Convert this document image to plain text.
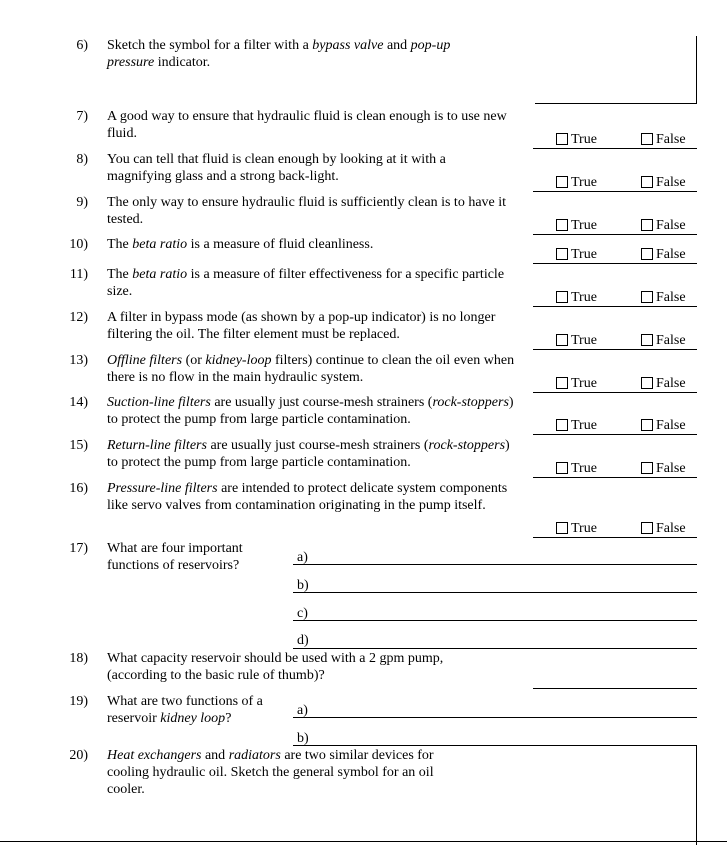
6) Sketch the symbol for a filter with a bypass valve and pop-up
pressure indicator.
7) A good way to ensure that hydraulic fluid is clean enough is to use new fluid.	True	False
8) You can tell that fluid is clean enough by looking at it with a magnifying glass and a strong back-light.	True	False
9) The only way to ensure hydraulic fluid is sufficiently clean is to have it tested.	True	False
10) The beta ratio is a measure of fluid cleanliness.
True	False
11) The beta ratio is a measure of filter effectiveness for a specific particle size.	True	False
12) A filter in bypass mode (as shown by a pop-up indicator) is no longer filtering the oil. The filter element must be replaced.	True	False
13) Offline filters (or kidney-loop filters) continue to clean the oil even when there is no flow in the main hydraulic system.	True	False
14) Suction-line filters are usually just course-mesh strainers (rock-stoppers) to protect the pump from large particle contamination.	True	False
15) Return-line filters are usually just course-mesh strainers (rock-stoppers) to protect the pump from large particle contamination.	True	False
16) Pressure-line filters are intended to protect delicate system components like servo valves from contamination originating in the pump itself.
True	False
17) What are four important functions of reservoirs?
a)
b)
c)
d)
18) What capacity reservoir should be used with a 2 gpm pump, (according to the basic rule of thumb)?
19) What are two functions of a reservoir kidney loop?
a)
b)
20) Heat exchangers and radiators are two similar devices for cooling hydraulic oil. Sketch the general symbol for an oil cooler.
